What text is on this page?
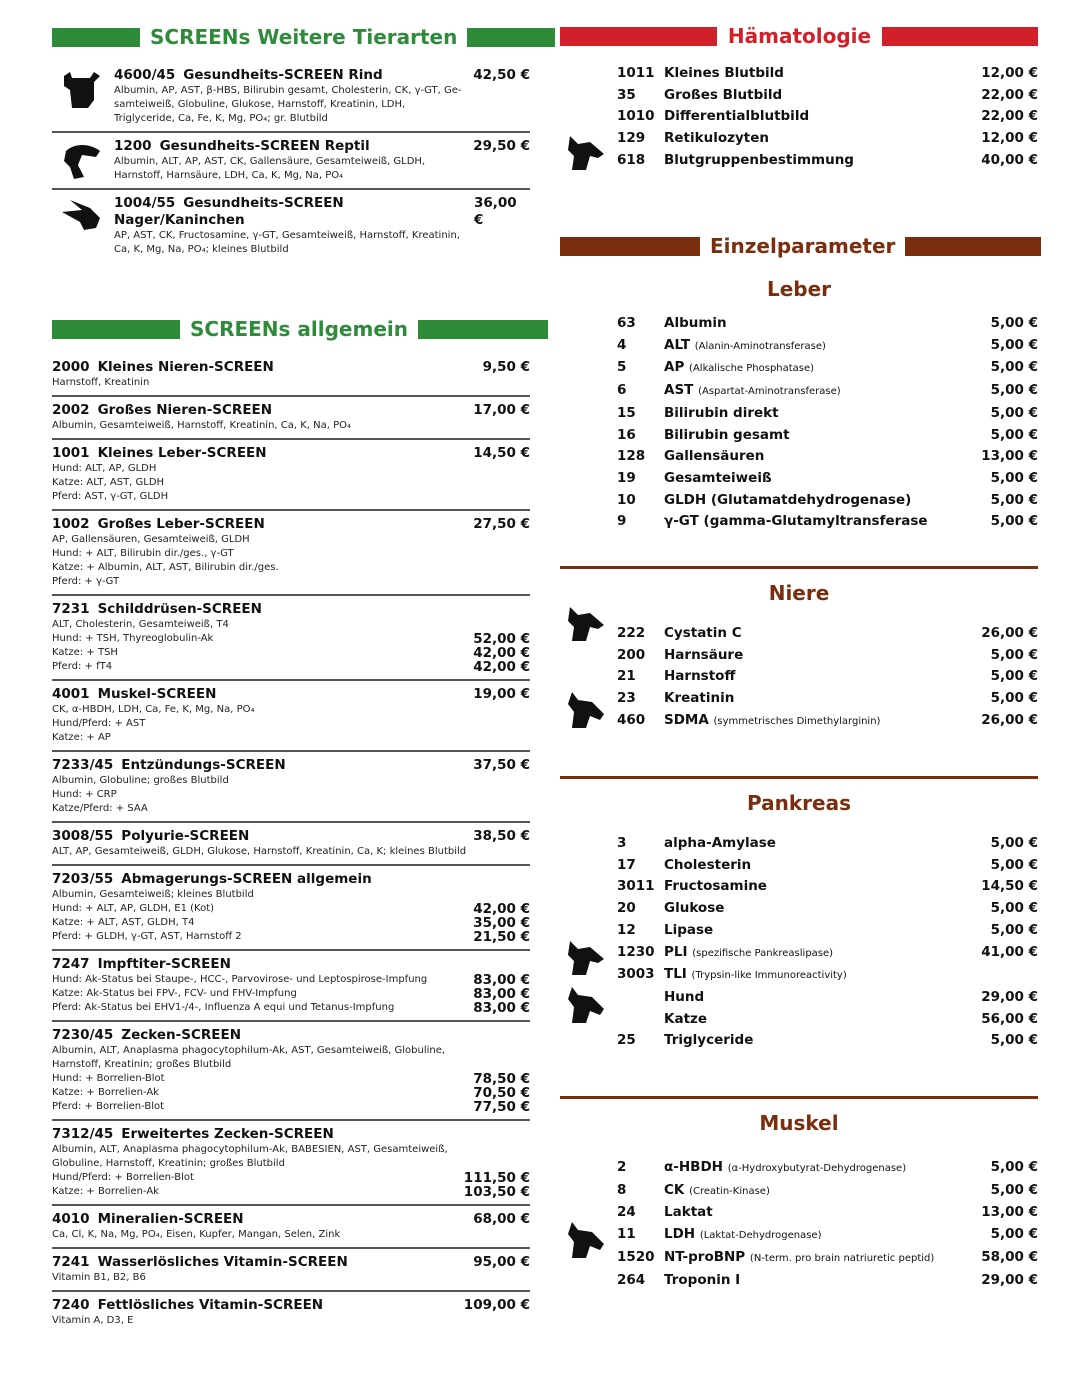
SCREENs Weitere Tierarten
4600/45 Gesundheits-SCREEN Rind	42,50 €
Albumin, AP, AST, β-HBS, Bilirubin gesamt, Cholesterin, CK, γ-GT, Ge-
samteiweiß, Globuline, Glukose, Harnstoff, Kreatinin, LDH,
Triglyceride, Ca, Fe, K, Mg, PO₄; gr. Blutbild
1200 Gesundheits-SCREEN Reptil	29,50 €
Albumin, ALT, AP, AST, CK, Gallensäure, Gesamteiweiß, GLDH,
Harnstoff, Harnsäure, LDH, Ca, K, Mg, Na, PO₄
1004/55 Gesundheits-SCREEN Nager/Kaninchen
36,00 €
AP, AST, CK, Fructosamine, γ-GT, Gesamteiweiß, Harnstoff, Kreatinin,
Ca, K, Mg, Na, PO₄; kleines Blutbild
SCREENs allgemein
2000 Kleines Nieren-SCREEN	9,50 €
Harnstoff, Kreatinin
2002 Großes Nieren-SCREEN	17,00 €
Albumin, Gesamteiweiß, Harnstoff, Kreatinin, Ca, K, Na, PO₄
1001 Kleines Leber-SCREEN	14,50 €
Hund: ALT, AP, GLDH
Katze: ALT, AST, GLDH
Pferd: AST, γ-GT, GLDH
1002 Großes Leber-SCREEN	27,50 €
AP, Gallensäuren, Gesamteiweiß, GLDH
Hund: + ALT, Bilirubin dir./ges., γ-GT
Katze: + Albumin, ALT, AST, Bilirubin dir./ges.
Pferd: + γ-GT
7231 Schilddrüsen-SCREEN
ALT, Cholesterin, Gesamteiweiß, T4
Hund: + TSH, Thyreoglobulin-Ak	52,00 €
Katze: + TSH	42,00 €
Pferd: + fT4	42,00 €
4001 Muskel-SCREEN	19,00 €
CK, α-HBDH, LDH, Ca, Fe, K, Mg, Na, PO₄
Hund/Pferd: + AST
Katze: + AP
7233/45 Entzündungs-SCREEN	37,50 €
Albumin, Globuline; großes Blutbild
Hund: + CRP
Katze/Pferd: + SAA
3008/55 Polyurie-SCREEN	38,50 €
ALT, AP, Gesamteiweiß, GLDH, Glukose, Harnstoff, Kreatinin, Ca, K; kleines Blutbild
7203/55 Abmagerungs-SCREEN allgemein
Albumin, Gesamteiweiß; kleines Blutbild
Hund: + ALT, AP, GLDH, E1 (Kot)	42,00 €
Katze: + ALT, AST, GLDH, T4	35,00 €
Pferd: + GLDH, γ-GT, AST, Harnstoff 2	21,50 €
7247 Impftiter-SCREEN
Hund: Ak-Status bei Staupe-, HCC-, Parvovirose- und Leptospirose-Impfung	83,00 €
Katze: Ak-Status bei FPV-, FCV- und FHV-Impfung	83,00 €
Pferd: Ak-Status bei EHV1-/4-, Influenza A equi und Tetanus-Impfung	83,00 €
7230/45 Zecken-SCREEN
Albumin, ALT, Anaplasma phagocytophilum-Ak, AST, Gesamteiweiß, Globuline,
Harnstoff, Kreatinin; großes Blutbild
Hund: + Borrelien-Blot	78,50 €
Katze: + Borrelien-Ak	70,50 €
Pferd: + Borrelien-Blot	77,50 €
7312/45 Erweitertes Zecken-SCREEN
Albumin, ALT, Anaplasma phagocytophilum-Ak, BABESIEN, AST, Gesamteiweiß,
Globuline, Harnstoff, Kreatinin; großes Blutbild
Hund/Pferd: + Borrelien-Blot	111,50 €
Katze: + Borrelien-Ak	103,50 €
4010 Mineralien-SCREEN	68,00 €
Ca, Cl, K, Na, Mg, PO₄, Eisen, Kupfer, Mangan, Selen, Zink
7241 Wasserlösliches Vitamin-SCREEN	95,00 €
Vitamin B1, B2, B6
7240 Fettlösliches Vitamin-SCREEN	109,00 €
Vitamin A, D3, E
Hämatologie
1011 Kleines Blutbild	12,00 €
35	Großes Blutbild	22,00 €
1010 Differentialblutbild	22,00 €
129	Retikulozyten	12,00 €
618	Blutgruppenbestimmung	40,00 €
Einzelparameter
Leber
63	Albumin	5,00 €
4	ALT (Alanin-Aminotransferase)	5,00 €
5	AP (Alkalische Phosphatase)	5,00 €
6	AST (Aspartat-Aminotransferase)	5,00 €
15	Bilirubin direkt	5,00 €
16	Bilirubin gesamt	5,00 €
128	Gallensäuren	13,00 €
19	Gesamteiweiß	5,00 €
10	GLDH (Glutamatdehydrogenase)	5,00 €
9	γ-GT (gamma-Glutamyltransferase	5,00 €
Niere
222	Cystatin C	26,00 €
200	Harnsäure	5,00 €
21	Harnstoff	5,00 €
23	Kreatinin	5,00 €
460	SDMA (symmetrisches Dimethylarginin)	26,00 €
Pankreas
3	alpha-Amylase	5,00 €
17	Cholesterin	5,00 €
3011 Fructosamine	14,50 €
20	Glukose	5,00 €
12	Lipase	5,00 €
1230 PLI (spezifische Pankreaslipase)	41,00 €
3003 TLI (Trypsin-like Immunoreactivity)
Hund	29,00 €
Katze	56,00 €
25	Triglyceride	5,00 €
Muskel
2	α-HBDH (α-Hydroxybutyrat-Dehydrogenase)	5,00 €
8	CK (Creatin-Kinase)	5,00 €
24	Laktat	13,00 €
11	LDH (Laktat-Dehydrogenase)	5,00 €
1520 NT-proBNP (N-term. pro brain natriuretic peptid)	58,00 €
264	Troponin I	29,00 €
